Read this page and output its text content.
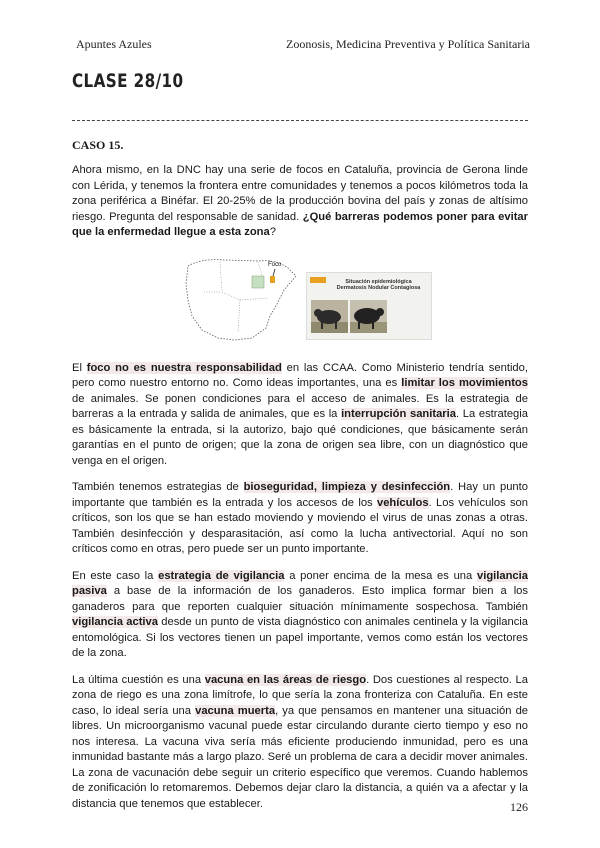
Apuntes Azules	Zoonosis, Medicina Preventiva y Política Sanitaria
CLASE 28/10
CASO 15.

Ahora mismo, en la DNC hay una serie de focos en Cataluña, provincia de Gerona linde con Lérida, y tenemos la frontera entre comunidades y tenemos a pocos kilómetros toda la zona periférica a Binéfar. El 20-25% de la producción bovina del país y zonas de altísimo riesgo. Pregunta del responsable de sanidad. ¿Qué barreras podemos poner para evitar que la enfermedad llegue a esta zona?

Foco
Situación epidemiológica
Dermatosis Nodular Contagiosa

El foco no es nuestra responsabilidad en las CCAA. Como Ministerio tendría sentido, pero como nuestro entorno no. Como ideas importantes, una es limitar los movimientos de animales. Se ponen condiciones para el acceso de animales. Es la estrategia de barreras a la entrada y salida de animales, que es la interrupción sanitaria. La estrategia es básicamente la entrada, si la autorizo, bajo qué condiciones, que básicamente serán garantías en el punto de origen; que la zona de origen sea libre, con un diagnóstico que venga en el origen.

También tenemos estrategias de bioseguridad, limpieza y desinfección. Hay un punto importante que también es la entrada y los accesos de los vehículos. Los vehículos son críticos, son los que se han estado moviendo y moviendo el virus de unas zonas a otras. También desinfección y desparasitación, así como la lucha antivectorial. Aquí no son críticos como en otras, pero puede ser un punto importante.

En este caso la estrategia de vigilancia a poner encima de la mesa es una vigilancia pasiva a base de la información de los ganaderos. Esto implica formar bien a los ganaderos para que reporten cualquier situación mínimamente sospechosa. También vigilancia activa desde un punto de vista diagnóstico con animales centinela y la vigilancia entomológica. Si los vectores tienen un papel importante, vemos como están los vectores de la zona.

La última cuestión es una vacuna en las áreas de riesgo. Dos cuestiones al respecto. La zona de riego es una zona limítrofe, lo que sería la zona fronteriza con Cataluña. En este caso, lo ideal sería una vacuna muerta, ya que pensamos en mantener una situación de libres. Un microorganismo vacunal puede estar circulando durante cierto tiempo y eso no nos interesa. La vacuna viva sería más eficiente produciendo inmunidad, pero es una inmunidad bastante más a largo plazo. Seré un problema de cara a decidir mover animales. La zona de vacunación debe seguir un criterio específico que veremos. Cuando hablemos de zonificación lo retomaremos. Debemos dejar claro la distancia, a quién va a afectar y la distancia que tenemos que establecer.	126
